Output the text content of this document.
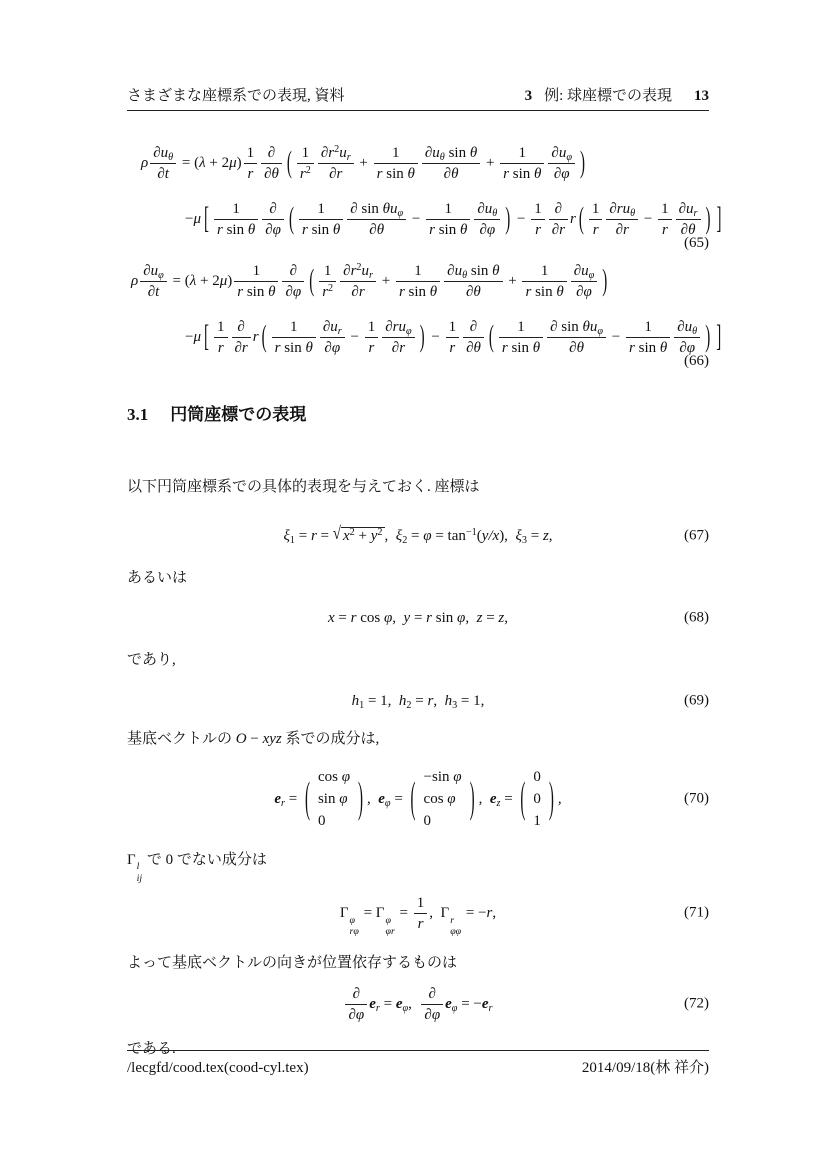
さまざまな座標系での表現, 資料	3 例: 球座標での表現 13
ρ $\frac{\partial u_\theta}{\partial t} = (\lambda + 2\mu) \frac{1}{r}$ ∂
∂θ ( $\frac{1}{r^2} \frac{\partial r^2u_r}{\partial r} + \frac{1}{\text{r sin θ}} \frac{\partial u_\theta \sin \theta}{\partial\theta} + \frac{1}{\text{r sin θ}} \frac{\partial u_\varphi}{\partial\varphi}$ )
−μ [ $\frac{1}{\text{r sin θ}}$ ∂
∂φ ( $\frac{1}{\text{r sin θ}}$ ∂ $\sin \theta u_\varphi$
∂θ
− $\frac{1}{\text{r sin θ}} \frac{\partial u_\theta}{\partial\varphi}$ ) − $\frac{1}{r}$ ∂
∂r
r ( $\frac{1}{r} \partial ru_\theta$
∂r
− $\frac{1}{r} \frac{\partial u_r}{\partial\theta}$ ) ]
(65)
ρ $\frac{\partial u_\varphi}{\partial t} = (\lambda + 2\mu) \frac{1}{\text{r sin θ}}$ ∂
∂φ ( $\frac{1}{r^2} \frac{\partial r^2u_r}{\partial r} + \frac{1}{\text{r sin θ}} \frac{\partial u_\theta \sin \theta}{\partial\theta} + \frac{1}{\text{r sin θ}} \frac{\partial u_\varphi}{\partial\varphi}$ )
−μ [ $\frac{1}{r}$ ∂
∂r
r ( $\frac{1}{\text{r sin θ}} \frac{\partial u_r}{\partial\varphi} - \frac{1}{r} \partial ru_\varphi$
∂r ) − $\frac{1}{r}$ ∂
∂θ ( $\frac{1}{\text{r sin θ}}$ ∂ $\sin \theta u_\varphi$
∂θ
− $\frac{1}{\text{r sin θ}} \frac{\partial u_\theta}{\partial\varphi}$ ) ]
(66)
3.1 円筒座標での表現

以下円筒座標系での具体的表現を与えておく. 座標は

$\xi_1 = r$ = √ $x^2 + y^2$ , $\xi_2 = \varphi = \tan^{-1}(y/x)$, $\xi_3 = z$,	(67)

あるいは

x = r cos φ, y = r sin φ, z = z,	(68)

であり,

$h_1 = 1$, $h_2 = r$, $h_3 = 1$,	(69)

基底ベクトルの O − xyz 系での成分は,

$e_r$ = ( cos φ
sin φ
0 ) , $e_\varphi$ = ( −sin φ
cos φ
0	) , $e_z$ = ( 0
0
1 ) ,	(70)

Γ l
ij
で 0 でない成分は

Γ φ
rφ
= Γ φ
φr
= $\frac{1}{r}$ , Γ r
φφ
= −r,	(71)

よって基底ベクトルの向きが位置依存するものは

∂
∂φ
$e_r = e_\varphi$, 
∂
∂φ
$e_\varphi = -e_r$	(72)

である.

/lecgfd/cood.tex(cood-cyl.tex)	2014/09/18(林 祥介)
